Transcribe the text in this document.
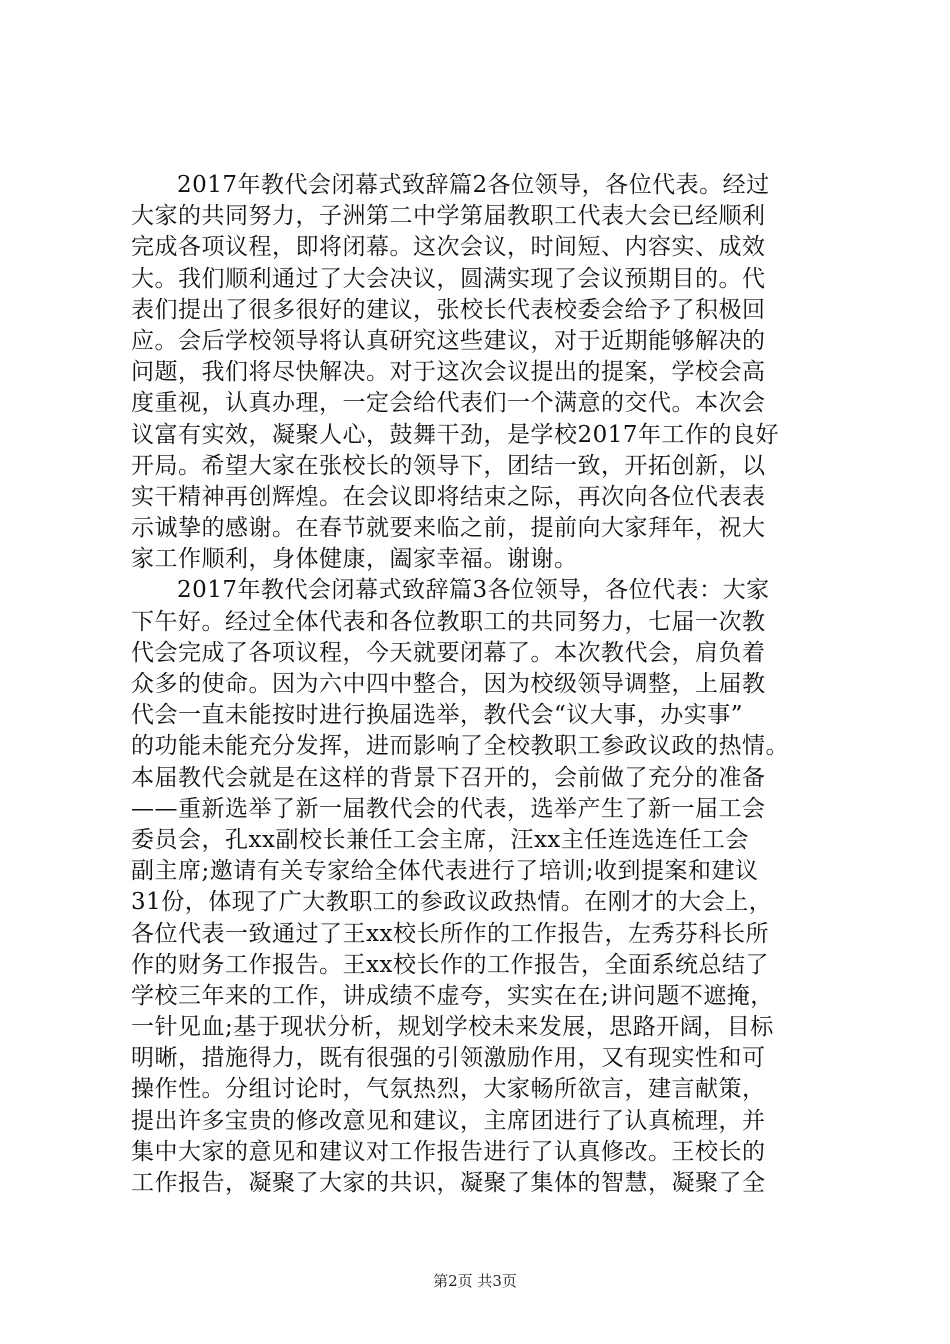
2017年教代会闭幕式致辞篇2各位领导，各位代表。经过
大家的共同努力，子洲第二中学第届教职工代表大会已经顺利
完成各项议程，即将闭幕。这次会议，时间短、内容实、成效
大。我们顺利通过了大会决议，圆满实现了会议预期目的。代
表们提出了很多很好的建议，张校长代表校委会给予了积极回
应。会后学校领导将认真研究这些建议，对于近期能够解决的
问题，我们将尽快解决。对于这次会议提出的提案，学校会高
度重视，认真办理，一定会给代表们一个满意的交代。本次会
议富有实效，凝聚人心，鼓舞干劲，是学校2017年工作的良好
开局。希望大家在张校长的领导下，团结一致，开拓创新，以
实干精神再创辉煌。在会议即将结束之际，再次向各位代表表
示诚挚的感谢。在春节就要来临之前，提前向大家拜年，祝大
家工作顺利，身体健康，阖家幸福。谢谢。
2017年教代会闭幕式致辞篇3各位领导，各位代表：大家
下午好。经过全体代表和各位教职工的共同努力，七届一次教
代会完成了各项议程，今天就要闭幕了。本次教代会，肩负着
众多的使命。因为六中四中整合，因为校级领导调整，上届教
代会一直未能按时进行换届选举，教代会“议大事，办实事”
的功能未能充分发挥，进而影响了全校教职工参政议政的热情。
本届教代会就是在这样的背景下召开的，会前做了充分的准备
——重新选举了新一届教代会的代表，选举产生了新一届工会
委员会，孔xx副校长兼任工会主席，汪xx主任连选连任工会
副主席;邀请有关专家给全体代表进行了培训;收到提案和建议
31份，体现了广大教职工的参政议政热情。在刚才的大会上，
各位代表一致通过了王xx校长所作的工作报告，左秀芬科长所
作的财务工作报告。王xx校长作的工作报告，全面系统总结了
学校三年来的工作，讲成绩不虚夸，实实在在;讲问题不遮掩，
一针见血;基于现状分析，规划学校未来发展，思路开阔，目标
明晰，措施得力，既有很强的引领激励作用，又有现实性和可
操作性。分组讨论时，气氛热烈，大家畅所欲言，建言献策，
提出许多宝贵的修改意见和建议，主席团进行了认真梳理，并
集中大家的意见和建议对工作报告进行了认真修改。王校长的
工作报告，凝聚了大家的共识，凝聚了集体的智慧，凝聚了全
第2页 共3页
